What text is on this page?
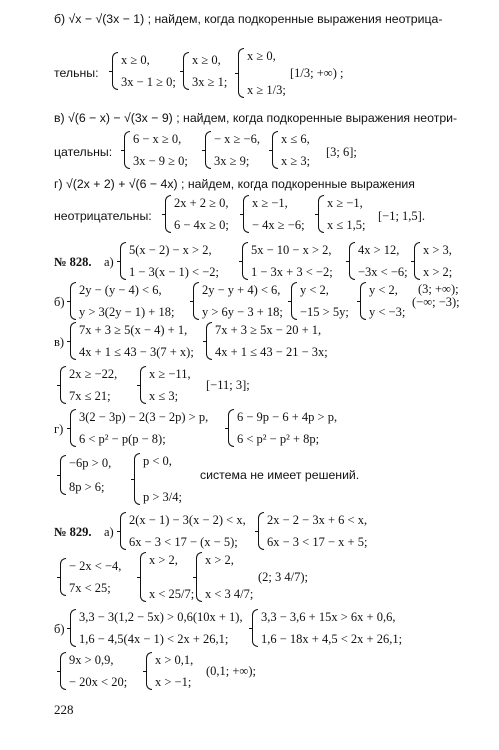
б) √x − √(3x − 1) ; найдем, когда подкоренные выражения неотрица-
тельны:
x ≥ 0,
3x − 1 ≥ 0;
x ≥ 0,
3x ≥ 1;
x ≥ 0,
x ≥ 1/3;
[1/3; +∞) ;
в) √(6 − x) − √(3x − 9) ; найдем, когда подкоренные выражения неотри-
цательны:
6 − x ≥ 0,
3x − 9 ≥ 0;
− x ≥ −6,
3x ≥ 9;
x ≤ 6,
x ≥ 3;
[3; 6];
г) √(2x + 2) + √(6 − 4x) ; найдем, когда подкоренные выражения
неотрицательны:
2x + 2 ≥ 0,
6 − 4x ≥ 0;
x ≥ −1,
− 4x ≥ −6;
x ≥ −1,
x ≤ 1,5;
[−1; 1,5].
№ 828. а)
5(x − 2) − x > 2,
1 − 3(x − 1) < −2;
5x − 10 − x > 2,
1 − 3x + 3 < −2;
4x > 12,
−3x < −6;
x > 3,
x > 2;
(3; +∞);
б)
2y − (y − 4) < 6,
y > 3(2y − 1) + 18;
2y − y + 4) < 6,
y > 6y − 3 + 18;
y < 2,
−15 > 5y;
y < 2,
y < −3;
(−∞; −3);
в)
7x + 3 ≥ 5(x − 4) + 1,
4x + 1 ≤ 43 − 3(7 + x);
7x + 3 ≥ 5x − 20 + 1,
4x + 1 ≤ 43 − 21 − 3x;
2x ≥ −22,
7x ≤ 21;
x ≥ −11,
x ≤ 3;
[−11; 3];
г)
3(2 − 3p) − 2(3 − 2p) > p,
6 < p² − p(p − 8);
6 − 9p − 6 + 4p > p,
6 < p² − p² + 8p;
−6p > 0,
8p > 6;
p < 0,
p > 3/4;
система не имеет решений.
№ 829. а)
2(x − 1) − 3(x − 2) < x,
6x − 3 < 17 − (x − 5);
2x − 2 − 3x + 6 < x,
6x − 3 < 17 − x + 5;
− 2x < −4,
7x < 25;
x > 2,
x < 25/7;
x > 2,
x < 3 4/7;
(2; 3 4/7);
б)
3,3 − 3(1,2 − 5x) > 0,6(10x + 1),
1,6 − 4,5(4x − 1) < 2x + 26,1;
3,3 − 3,6 + 15x > 6x + 0,6,
1,6 − 18x + 4,5 < 2x + 26,1;
9x > 0,9,
− 20x < 20;
x > 0,1,
x > −1;
(0,1; +∞);
228
